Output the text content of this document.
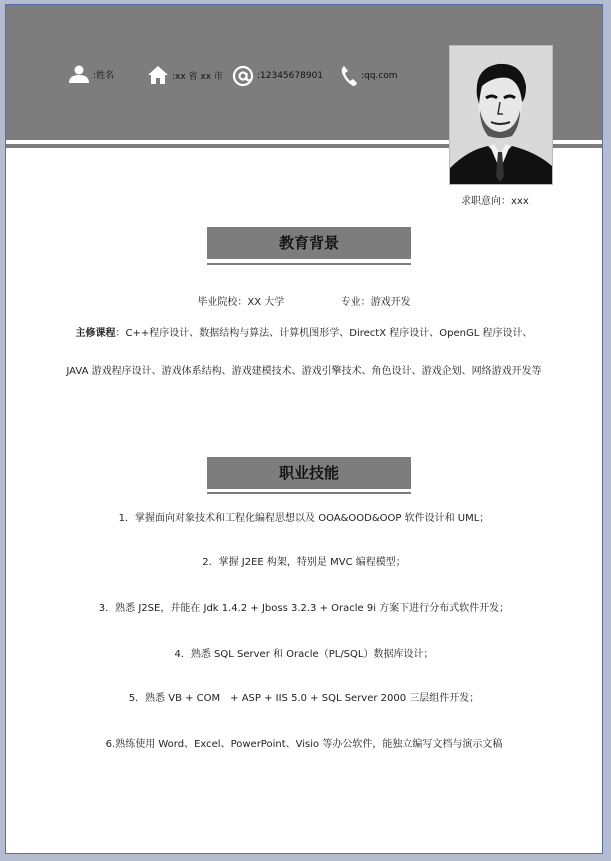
:姓名	:xx 省 xx 市	:12345678901	:qq.com
求职意向：xxx
教育背景
毕业院校：XX 大学	专业：游戏开发
主修课程：C++程序设计、数据结构与算法、计算机图形学、DirectX 程序设计、OpenGL 程序设计、
JAVA 游戏程序设计、游戏体系结构、游戏建模技术、游戏引擎技术、角色设计、游戏企划、网络游戏开发等
职业技能
1．掌握面向对象技术和工程化编程思想以及 OOA&OOD&OOP 软件设计和 UML；
2．掌握 J2EE 构架，特别是 MVC 编程模型；
3．熟悉 J2SE，并能在 Jdk 1.4.2 + Jboss 3.2.3 + Oracle 9i 方案下进行分布式软件开发；
4．熟悉 SQL Server 和 Oracle（PL/SQL）数据库设计；
5．熟悉 VB + COM　+ ASP + IIS 5.0 + SQL Server 2000 三层组件开发；
6.熟练使用 Word、Excel、PowerPoint、Visio 等办公软件，能独立编写文档与演示文稿
